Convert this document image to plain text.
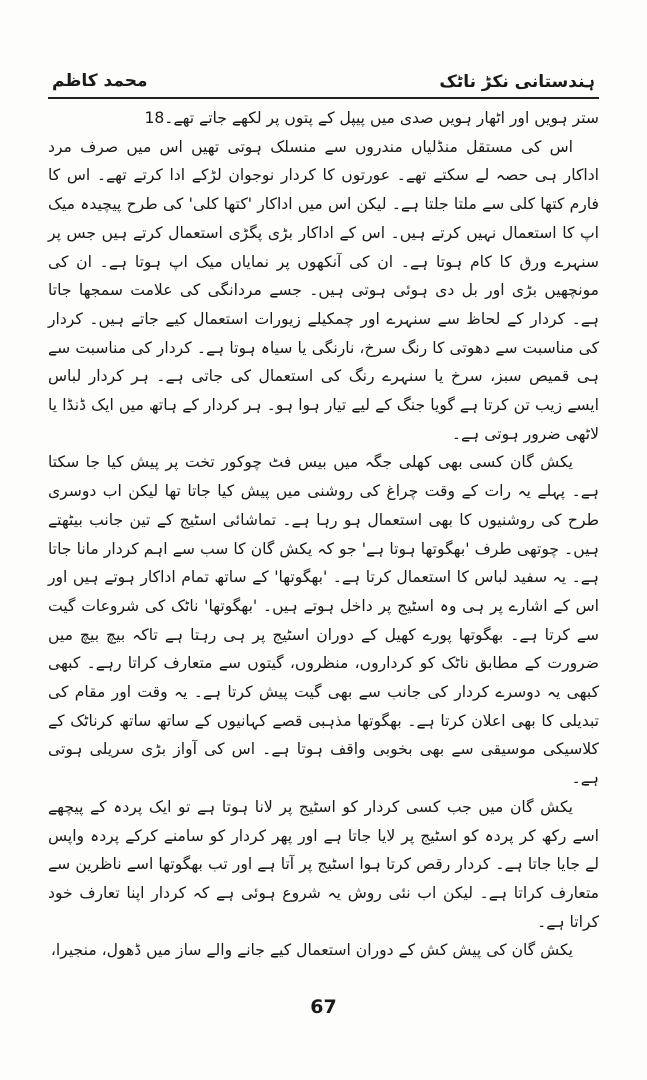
محمد کاظم	ہندستانی نکڑ ناٹک

ستر ہویں اور اٹھار ہویں صدی میں پیپل کے پتوں پر لکھے جاتے تھے۔18

اس کی مستقل منڈلیاں مندروں سے منسلک ہوتی تھیں اس میں صرف مرد اداکار ہی حصہ لے سکتے تھے۔ عورتوں کا کردار نوجوان لڑکے ادا کرتے تھے۔ اس کا فارم کتھا کلی سے ملتا جلتا ہے۔ لیکن اس میں اداکار 'کتھا کلی' کی طرح پیچیدہ میک اپ کا استعمال نہیں کرتے ہیں۔ اس کے اداکار بڑی پگڑی استعمال کرتے ہیں جس پر سنہرے ورق کا کام ہوتا ہے۔ ان کی آنکھوں پر نمایاں میک اپ ہوتا ہے۔ ان کی مونچھیں بڑی اور بل دی ہوئی ہوتی ہیں۔ جسے مردانگی کی علامت سمجھا جاتا ہے۔ کردار کے لحاظ سے سنہرے اور چمکیلے زیورات استعمال کیے جاتے ہیں۔ کردار کی مناسبت سے دھوتی کا رنگ سرخ، نارنگی یا سیاہ ہوتا ہے۔ کردار کی مناسبت سے ہی قمیص سبز، سرخ یا سنہرے رنگ کی استعمال کی جاتی ہے۔ ہر کردار لباس ایسے زیب تن کرتا ہے گویا جنگ کے لیے تیار ہوا ہو۔ ہر کردار کے ہاتھ میں ایک ڈنڈا یا لاٹھی ضرور ہوتی ہے۔

یکش گان کسی بھی کھلی جگہ میں بیس فٹ چوکور تخت پر پیش کیا جا سکتا ہے۔ پہلے یہ رات کے وقت چراغ کی روشنی میں پیش کیا جاتا تھا لیکن اب دوسری طرح کی روشنیوں کا بھی استعمال ہو رہا ہے۔ تماشائی اسٹیج کے تین جانب بیٹھتے ہیں۔ چوتھی طرف 'بھگوتھا ہوتا ہے' جو کہ یکش گان کا سب سے اہم کردار مانا جاتا ہے۔ یہ سفید لباس کا استعمال کرتا ہے۔ 'بھگوتھا' کے ساتھ تمام اداکار ہوتے ہیں اور اس کے اشارے پر ہی وہ اسٹیج پر داخل ہوتے ہیں۔ 'بھگوتھا' ناٹک کی شروعات گیت سے کرتا ہے۔ بھگوتھا پورے کھیل کے دوران اسٹیج پر ہی رہتا ہے تاکہ بیچ بیچ میں ضرورت کے مطابق ناٹک کو کرداروں، منظروں، گیتوں سے متعارف کراتا رہے۔ کبھی کبھی یہ دوسرے کردار کی جانب سے بھی گیت پیش کرتا ہے۔ یہ وقت اور مقام کی تبدیلی کا بھی اعلان کرتا ہے۔ بھگوتھا مذہبی قصے کہانیوں کے ساتھ ساتھ کرناٹک کے کلاسیکی موسیقی سے بھی بخوبی واقف ہوتا ہے۔ اس کی آواز بڑی سریلی ہوتی ہے۔

یکش گان میں جب کسی کردار کو اسٹیج پر لانا ہوتا ہے تو ایک پردہ کے پیچھے اسے رکھ کر پردہ کو اسٹیج پر لایا جاتا ہے اور پھر کردار کو سامنے کرکے پردہ واپس لے جایا جاتا ہے۔ کردار رقص کرتا ہوا اسٹیج پر آتا ہے اور تب بھگوتھا اسے ناظرین سے متعارف کراتا ہے۔ لیکن اب نئی روش یہ شروع ہوئی ہے کہ کردار اپنا تعارف خود کراتا ہے۔

یکش گان کی پیش کش کے دوران استعمال کیے جانے والے ساز میں ڈھول، منجیرا،

67
